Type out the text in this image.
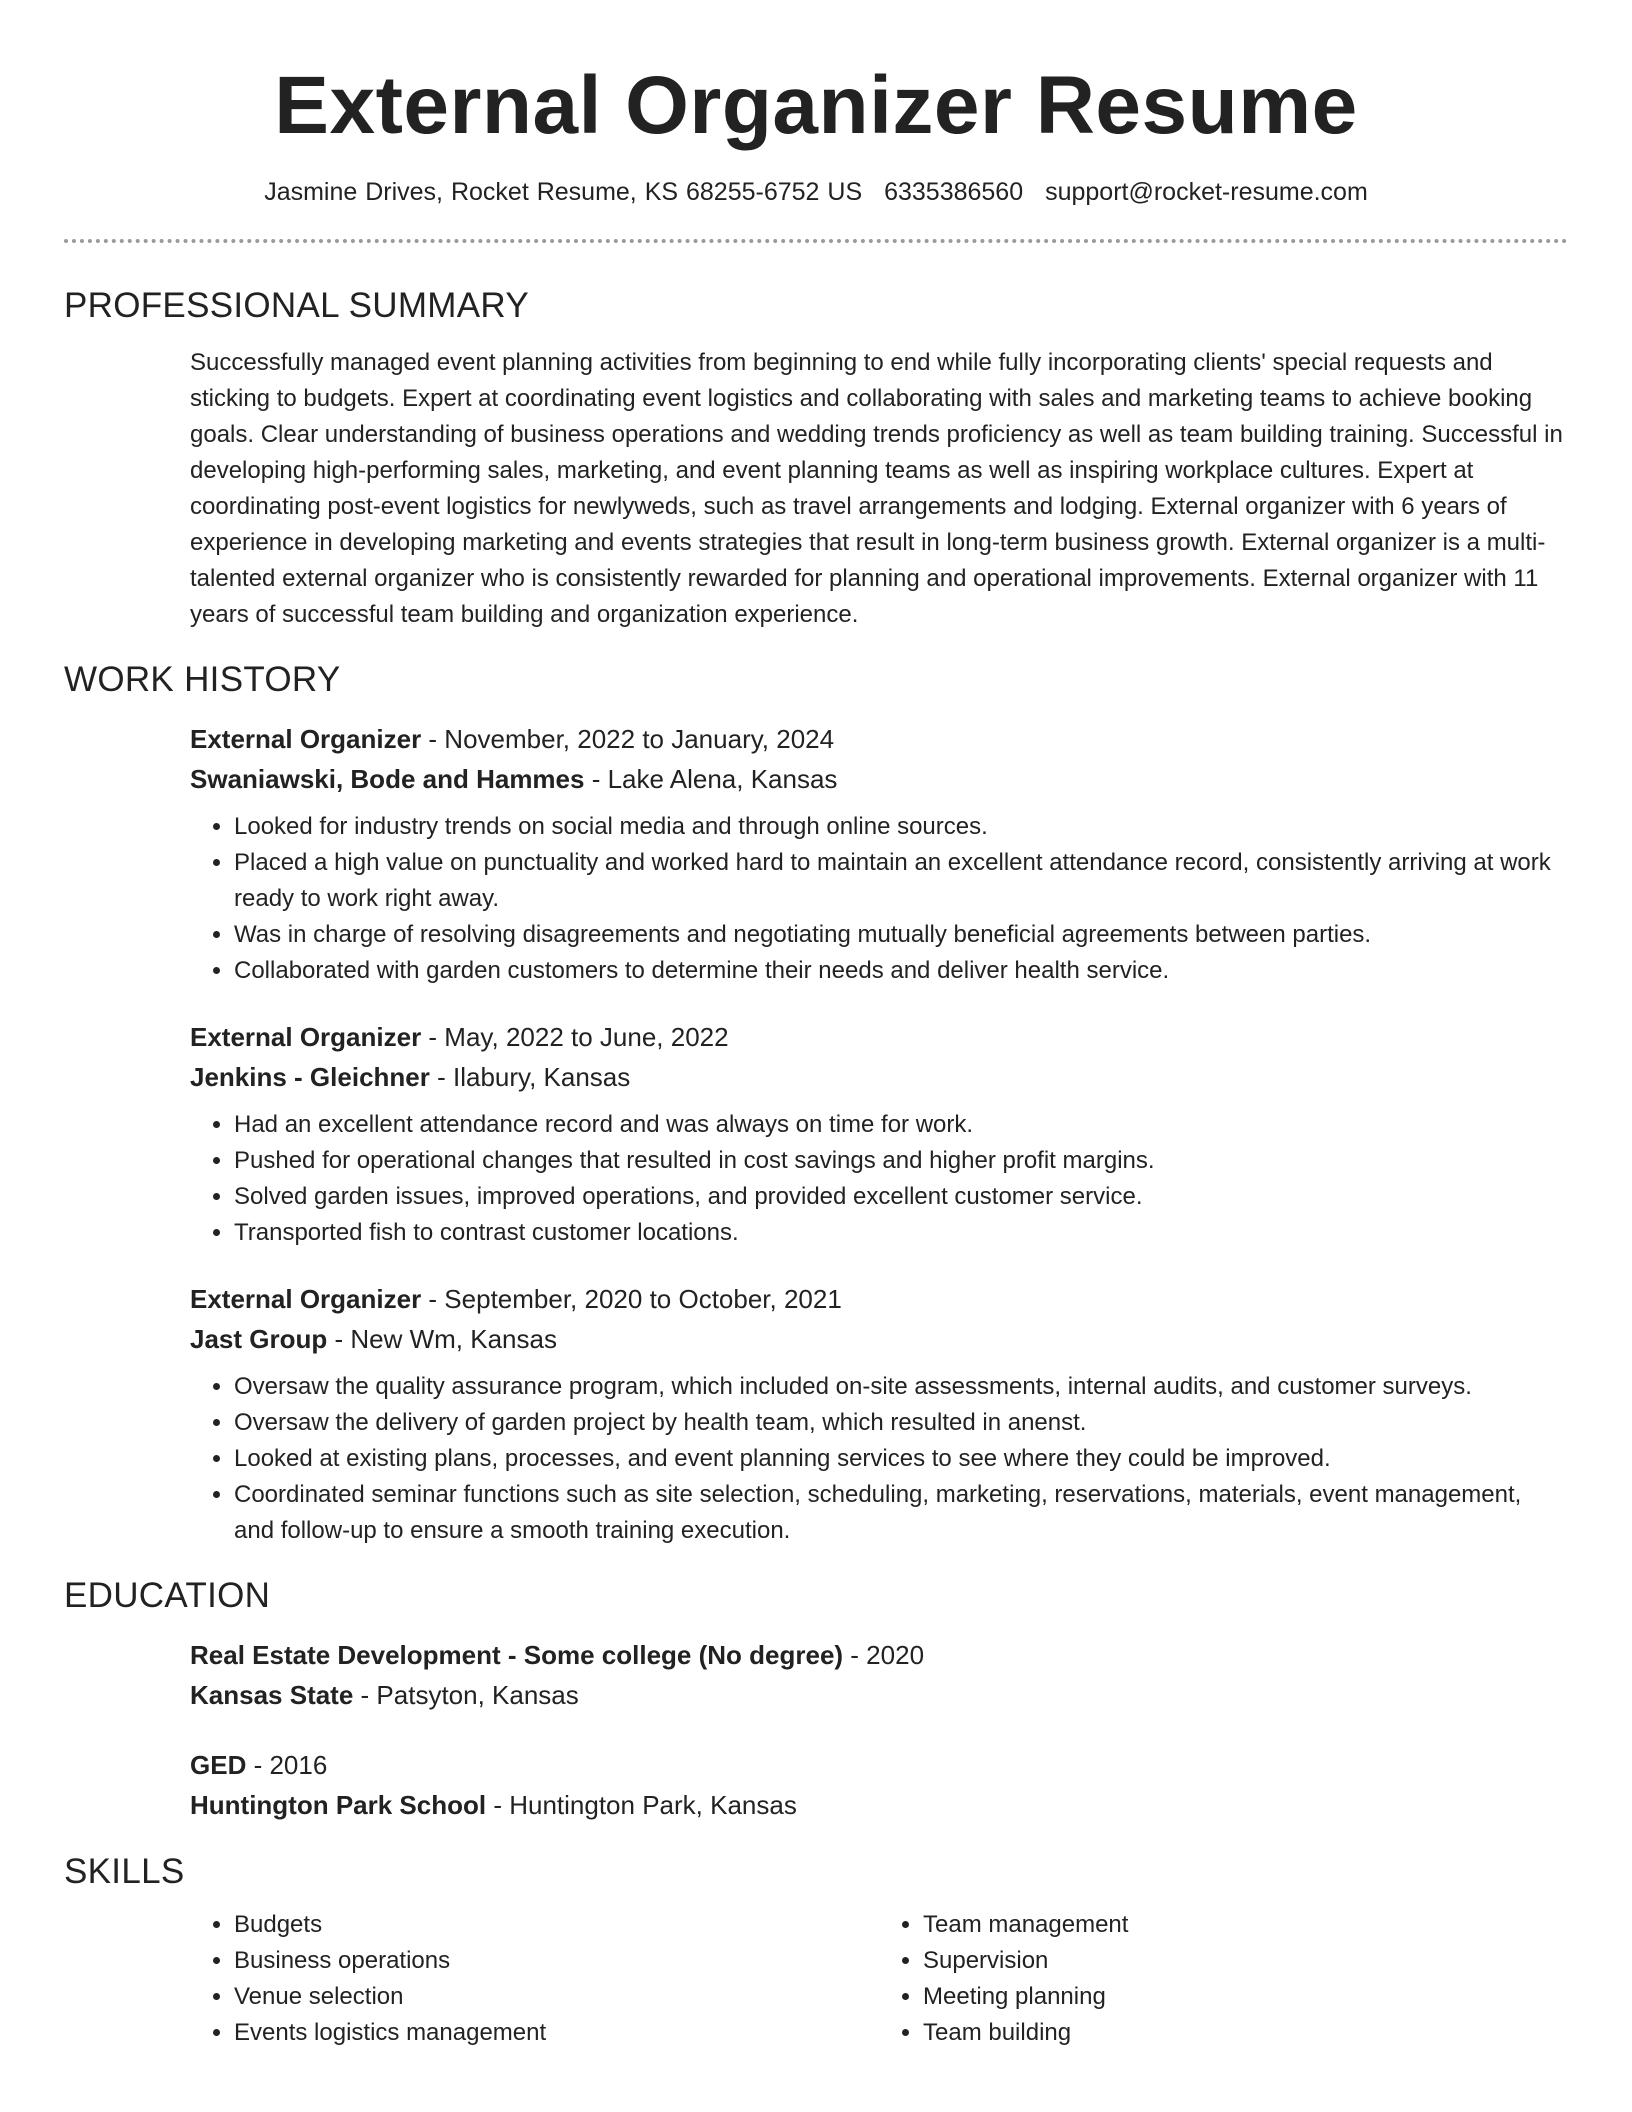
External Organizer Resume
Jasmine Drives, Rocket Resume, KS 68255-6752 US 6335386560 support@rocket-resume.com
PROFESSIONAL SUMMARY
Successfully managed event planning activities from beginning to end while fully incorporating clients' special requests and sticking to budgets. Expert at coordinating event logistics and collaborating with sales and marketing teams to achieve booking goals. Clear understanding of business operations and wedding trends proficiency as well as team building training. Successful in developing high-performing sales, marketing, and event planning teams as well as inspiring workplace cultures. Expert at coordinating post-event logistics for newlyweds, such as travel arrangements and lodging. External organizer with 6 years of experience in developing marketing and events strategies that result in long-term business growth. External organizer is a multi-talented external organizer who is consistently rewarded for planning and operational improvements. External organizer with 11 years of successful team building and organization experience.
WORK HISTORY
External Organizer - November, 2022 to January, 2024
Swaniawski, Bode and Hammes - Lake Alena, Kansas
• Looked for industry trends on social media and through online sources.
• Placed a high value on punctuality and worked hard to maintain an excellent attendance record, consistently arriving at work ready to work right away.
• Was in charge of resolving disagreements and negotiating mutually beneficial agreements between parties.
• Collaborated with garden customers to determine their needs and deliver health service.
External Organizer - May, 2022 to June, 2022
Jenkins - Gleichner - Ilabury, Kansas
• Had an excellent attendance record and was always on time for work.
• Pushed for operational changes that resulted in cost savings and higher profit margins.
• Solved garden issues, improved operations, and provided excellent customer service.
• Transported fish to contrast customer locations.
External Organizer - September, 2020 to October, 2021
Jast Group - New Wm, Kansas
• Oversaw the quality assurance program, which included on-site assessments, internal audits, and customer surveys.
• Oversaw the delivery of garden project by health team, which resulted in anenst.
• Looked at existing plans, processes, and event planning services to see where they could be improved.
• Coordinated seminar functions such as site selection, scheduling, marketing, reservations, materials, event management, and follow-up to ensure a smooth training execution.
EDUCATION
Real Estate Development - Some college (No degree) - 2020
Kansas State - Patsyton, Kansas
GED - 2016
Huntington Park School - Huntington Park, Kansas
SKILLS
• Budgets
• Business operations
• Venue selection
• Events logistics management
• Team management
• Supervision
• Meeting planning
• Team building
